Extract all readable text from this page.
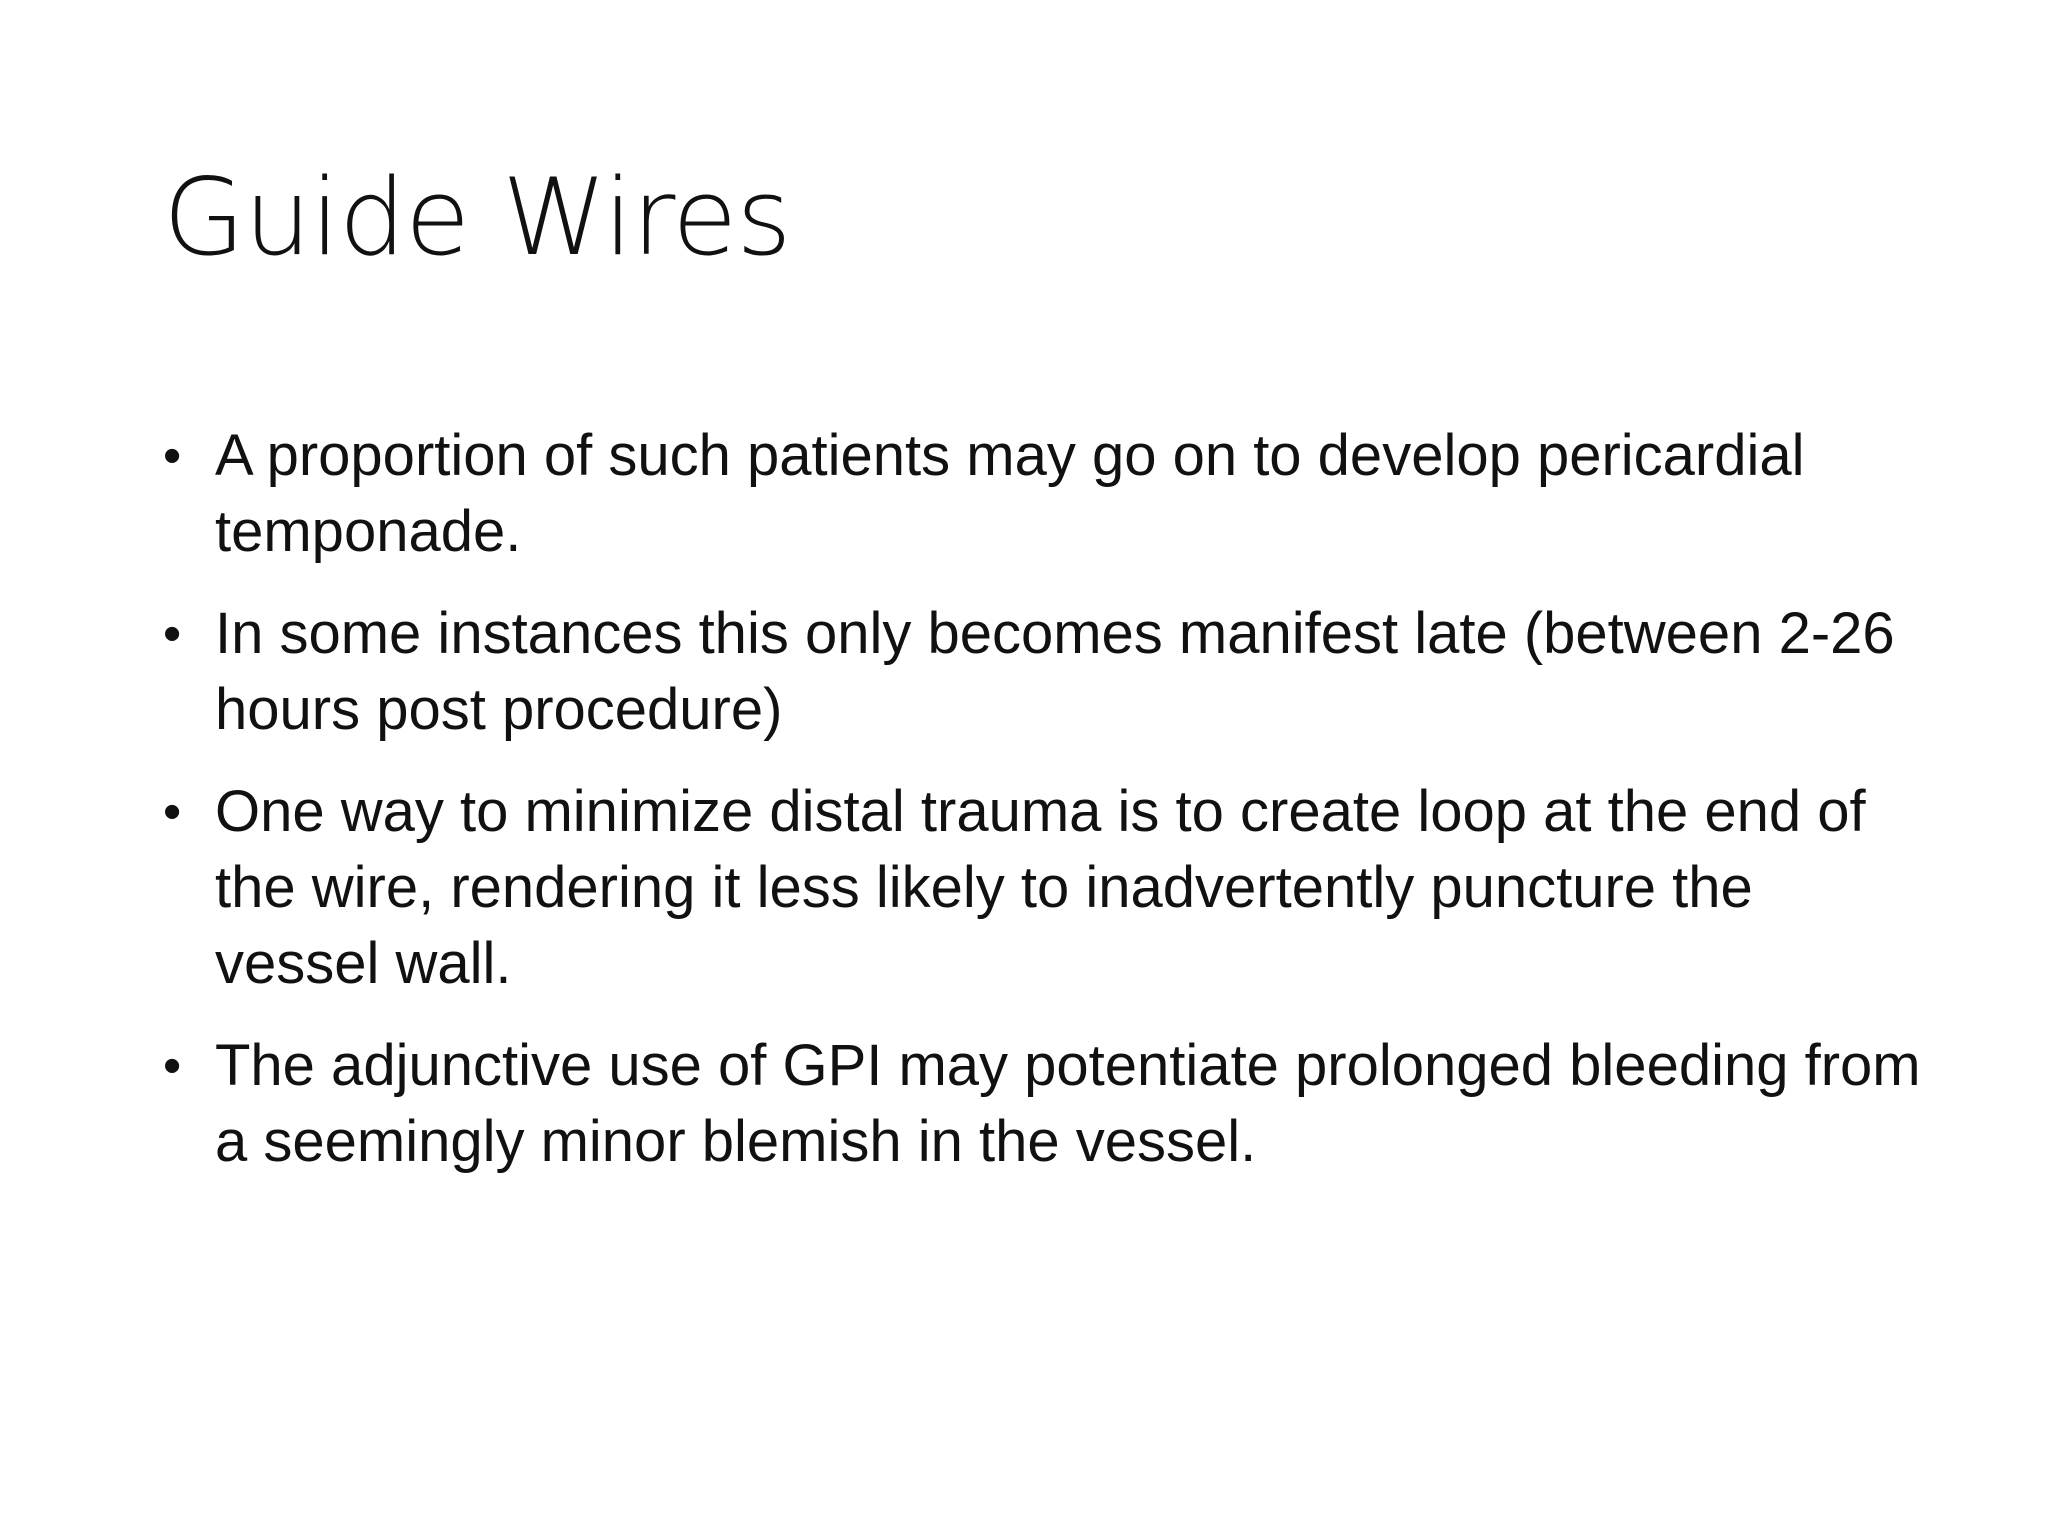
Guide Wires
• A proportion of such patients may go on to develop pericardial temponade.
• In some instances this only becomes manifest late (between 2-26 hours post procedure)
• One way to minimize distal trauma is to create loop at the end of the wire, rendering it less likely to inadvertently puncture the vessel wall.
• The adjunctive use of GPI may potentiate prolonged bleeding from a seemingly minor blemish in the vessel.
